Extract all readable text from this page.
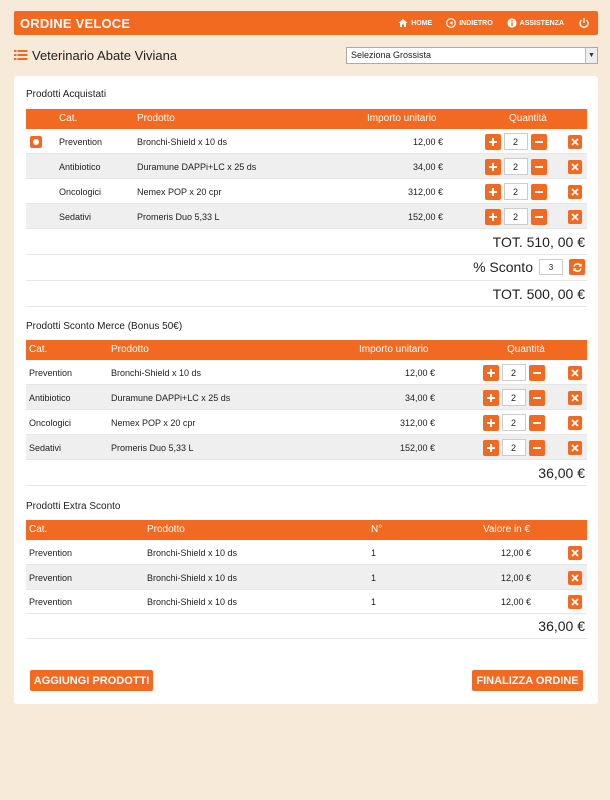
ORDINE VELOCE	HOME	INDIETRO	ASSISTENZA
Veterinario Abate Viviana	Seleziona Grossista	▼
Prodotti Acquistati
Cat.	Prodotto	Importo unitario	Quantità
Prevention	Bronchi-Shield x 10 ds	12,00 €	2
Antibiotico	Duramune DAPPi+LC x 25 ds	34,00 €	2
Oncologici	Nemex POP x 20 cpr	312,00 €	2
Sedativi	Promeris Duo 5,33 L	152,00 €	2
TOT. 510, 00 €
% Sconto	3
TOT. 500, 00 €
Prodotti Sconto Merce (Bonus 50€)
Cat.	Prodotto	Importo unitario	Quantità
Prevention	Bronchi-Shield x 10 ds	12,00 €	2
Antibiotico	Duramune DAPPi+LC x 25 ds	34,00 €	2
Oncologici	Nemex POP x 20 cpr	312,00 €	2
Sedativi	Promeris Duo 5,33 L	152,00 €	2
36,00 €
Prodotti Extra Sconto
Cat.	Prodotto	N°	Valore in €
Prevention	Bronchi-Shield x 10 ds	1	12,00 €
Prevention	Bronchi-Shield x 10 ds	1	12,00 €
Prevention	Bronchi-Shield x 10 ds	1	12,00 €
36,00 €
AGGIUNGI PRODOTTI	FINALIZZA ORDINE
